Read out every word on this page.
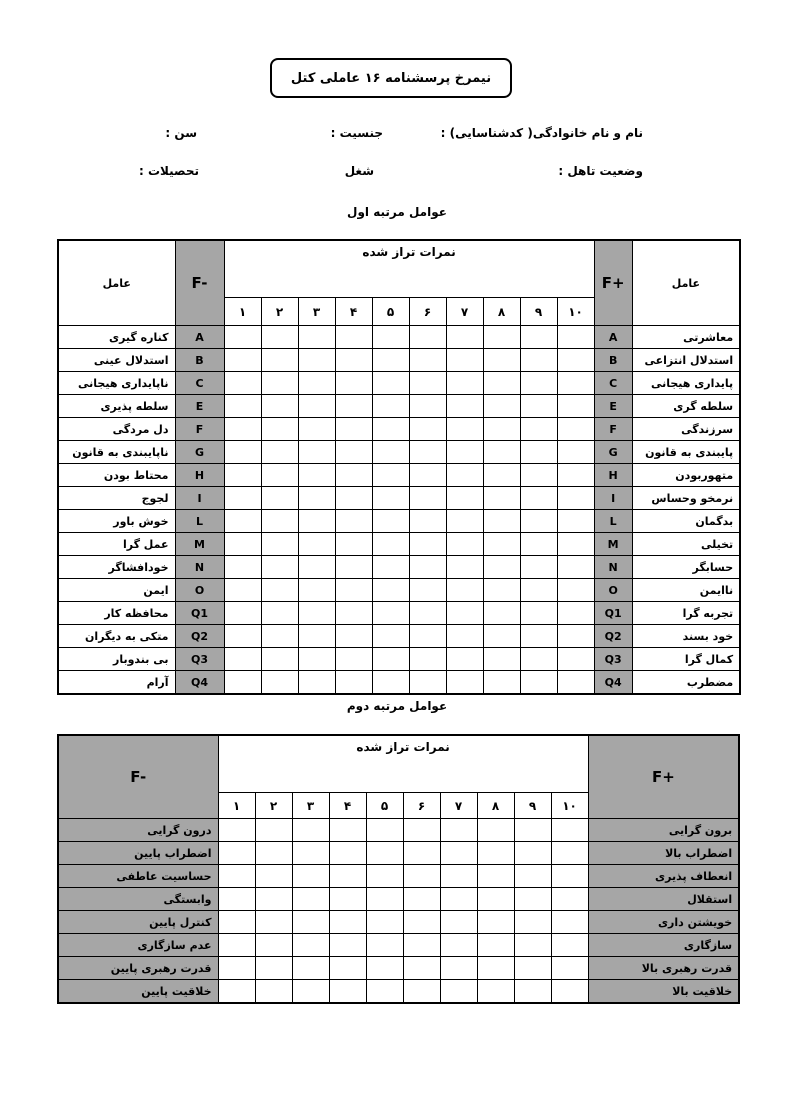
نیمرخ پرسشنامه ۱۶ عاملی کتل
نام و نام خانوادگی( کدشناسایی) :
جنسیت :
سن :
وضعیت تاهل :
شغل
تحصیلات :
عوامل مرتبه اول
عامل	F-	نمرات تراز شده										F+	عامل
		۱	۲	۳	۴	۵	۶	۷	۸	۹	۱۰		
کناره گیری	A											A	معاشرتی
استدلال عینی	B											B	استدلال انتزاعی
ناپایداری هیجانی	C											C	پایداری هیجانی
سلطه پذیری	E											E	سلطه گری
دل مردگی	F											F	سرزندگی
ناپایبندی به قانون	G											G	پایبندی به قانون
محتاط بودن	H											H	متهوربودن
لجوج	I											I	نرمخو وحساس
خوش باور	L											L	بدگمان
عمل گرا	M											M	تخیلی
خودافشاگر	N											N	حسابگر
ایمن	O											O	ناایمن
محافظه کار	Q1											Q1	تجربه گرا
متکی به دیگران	Q2											Q2	خود بسند
بی بندوبار	Q3											Q3	کمال گرا
آرام	Q4											Q4	مضطرب
عوامل مرتبه دوم
F-	نمرات تراز شده										F+
	۱	۲	۳	۴	۵	۶	۷	۸	۹	۱۰	
درون گرایی											برون گرایی
اضطراب پایین											اضطراب بالا
حساسیت عاطفی											انعطاف پذیری
وابستگی											استقلال
کنترل پایین											خویشتن داری
عدم سازگاری											سازگاری
قدرت رهبری پایین											قدرت رهبری بالا
خلاقیت پایین											خلاقیت بالا
